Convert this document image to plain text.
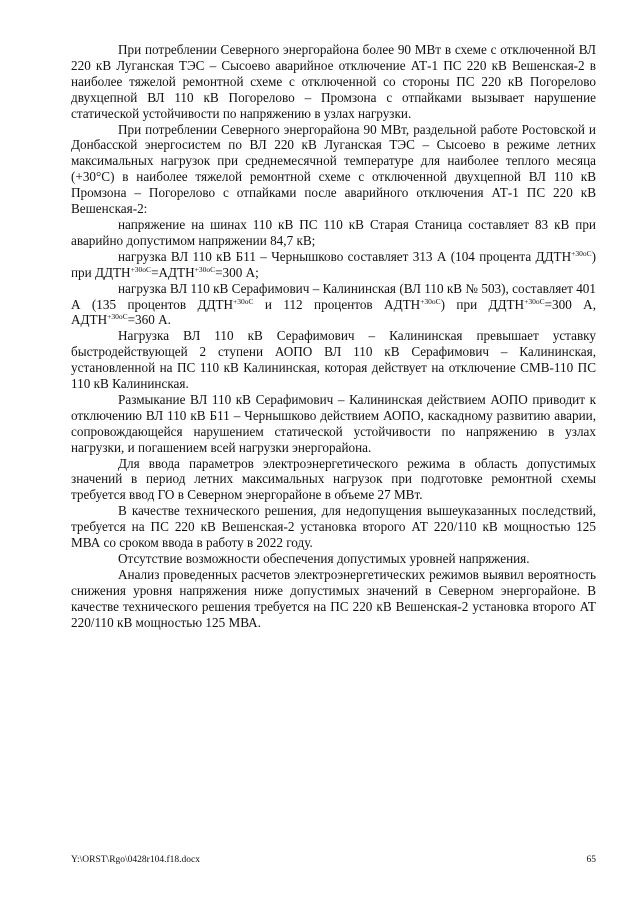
При потреблении Северного энергорайона более 90 МВт в схеме с отключенной ВЛ 220 кВ Луганская ТЭС – Сысоево аварийное отключение АТ-1 ПС 220 кВ Вешенская-2 в наиболее тяжелой ремонтной схеме с отключенной со стороны ПС 220 кВ Погорелово двухцепной ВЛ 110 кВ Погорелово – Промзона с отпайками вызывает нарушение статической устойчивости по напряжению в узлах нагрузки.

При потреблении Северного энергорайона 90 МВт, раздельной работе Ростовской и Донбасской энергосистем по ВЛ 220 кВ Луганская ТЭС – Сысоево в режиме летних максимальных нагрузок при среднемесячной температуре для наиболее теплого месяца (+30°С) в наиболее тяжелой ремонтной схеме с отключенной двухцепной ВЛ 110 кВ Промзона – Погорелово с отпайками после аварийного отключения АТ-1 ПС 220 кВ Вешенская-2:

напряжение на шинах 110 кВ ПС 110 кВ Старая Станица составляет 83 кВ при аварийно допустимом напряжении 84,7 кВ;

нагрузка ВЛ 110 кВ Б11 – Чернышково составляет 313 А (104 процента $ДДТН^{+30оС}$) при $ДДТН^{+30оС}=АДТН^{+30оС}=300$ А;

нагрузка ВЛ 110 кВ Серафимович – Калининская (ВЛ 110 кВ № 503), составляет 401 А (135 процентов $ДДТН^{+30оС}$ и 112 процентов $АДТН^{+30оС}$) при $ДДТН^{+30оС}=300$ А, $АДТН^{+30оС}=360$ А.

Нагрузка ВЛ 110 кВ Серафимович – Калининская превышает уставку быстродействующей 2 ступени АОПО ВЛ 110 кВ Серафимович – Калининская, установленной на ПС 110 кВ Калининская, которая действует на отключение СМВ-110 ПС 110 кВ Калининская.

Размыкание ВЛ 110 кВ Серафимович – Калининская действием АОПО приводит к отключению ВЛ 110 кВ Б11 – Чернышково действием АОПО, каскадному развитию аварии, сопровождающейся нарушением статической устойчивости по напряжению в узлах нагрузки, и погашением всей нагрузки энергорайона.

Для ввода параметров электроэнергетического режима в область допустимых значений в период летних максимальных нагрузок при подготовке ремонтной схемы требуется ввод ГО в Северном энергорайоне в объеме 27 МВт.

В качестве технического решения, для недопущения вышеуказанных последствий, требуется на ПС 220 кВ Вешенская-2 установка второго АТ 220/110 кВ мощностью 125 МВА со сроком ввода в работу в 2022 году.

Отсутствие возможности обеспечения допустимых уровней напряжения.

Анализ проведенных расчетов электроэнергетических режимов выявил вероятность снижения уровня напряжения ниже допустимых значений в Северном энергорайоне. В качестве технического решения требуется на ПС 220 кВ Вешенская-2 установка второго АТ 220/110 кВ мощностью 125 МВА.

Y:\ORST\Rgo\0428r104.f18.docx	65
